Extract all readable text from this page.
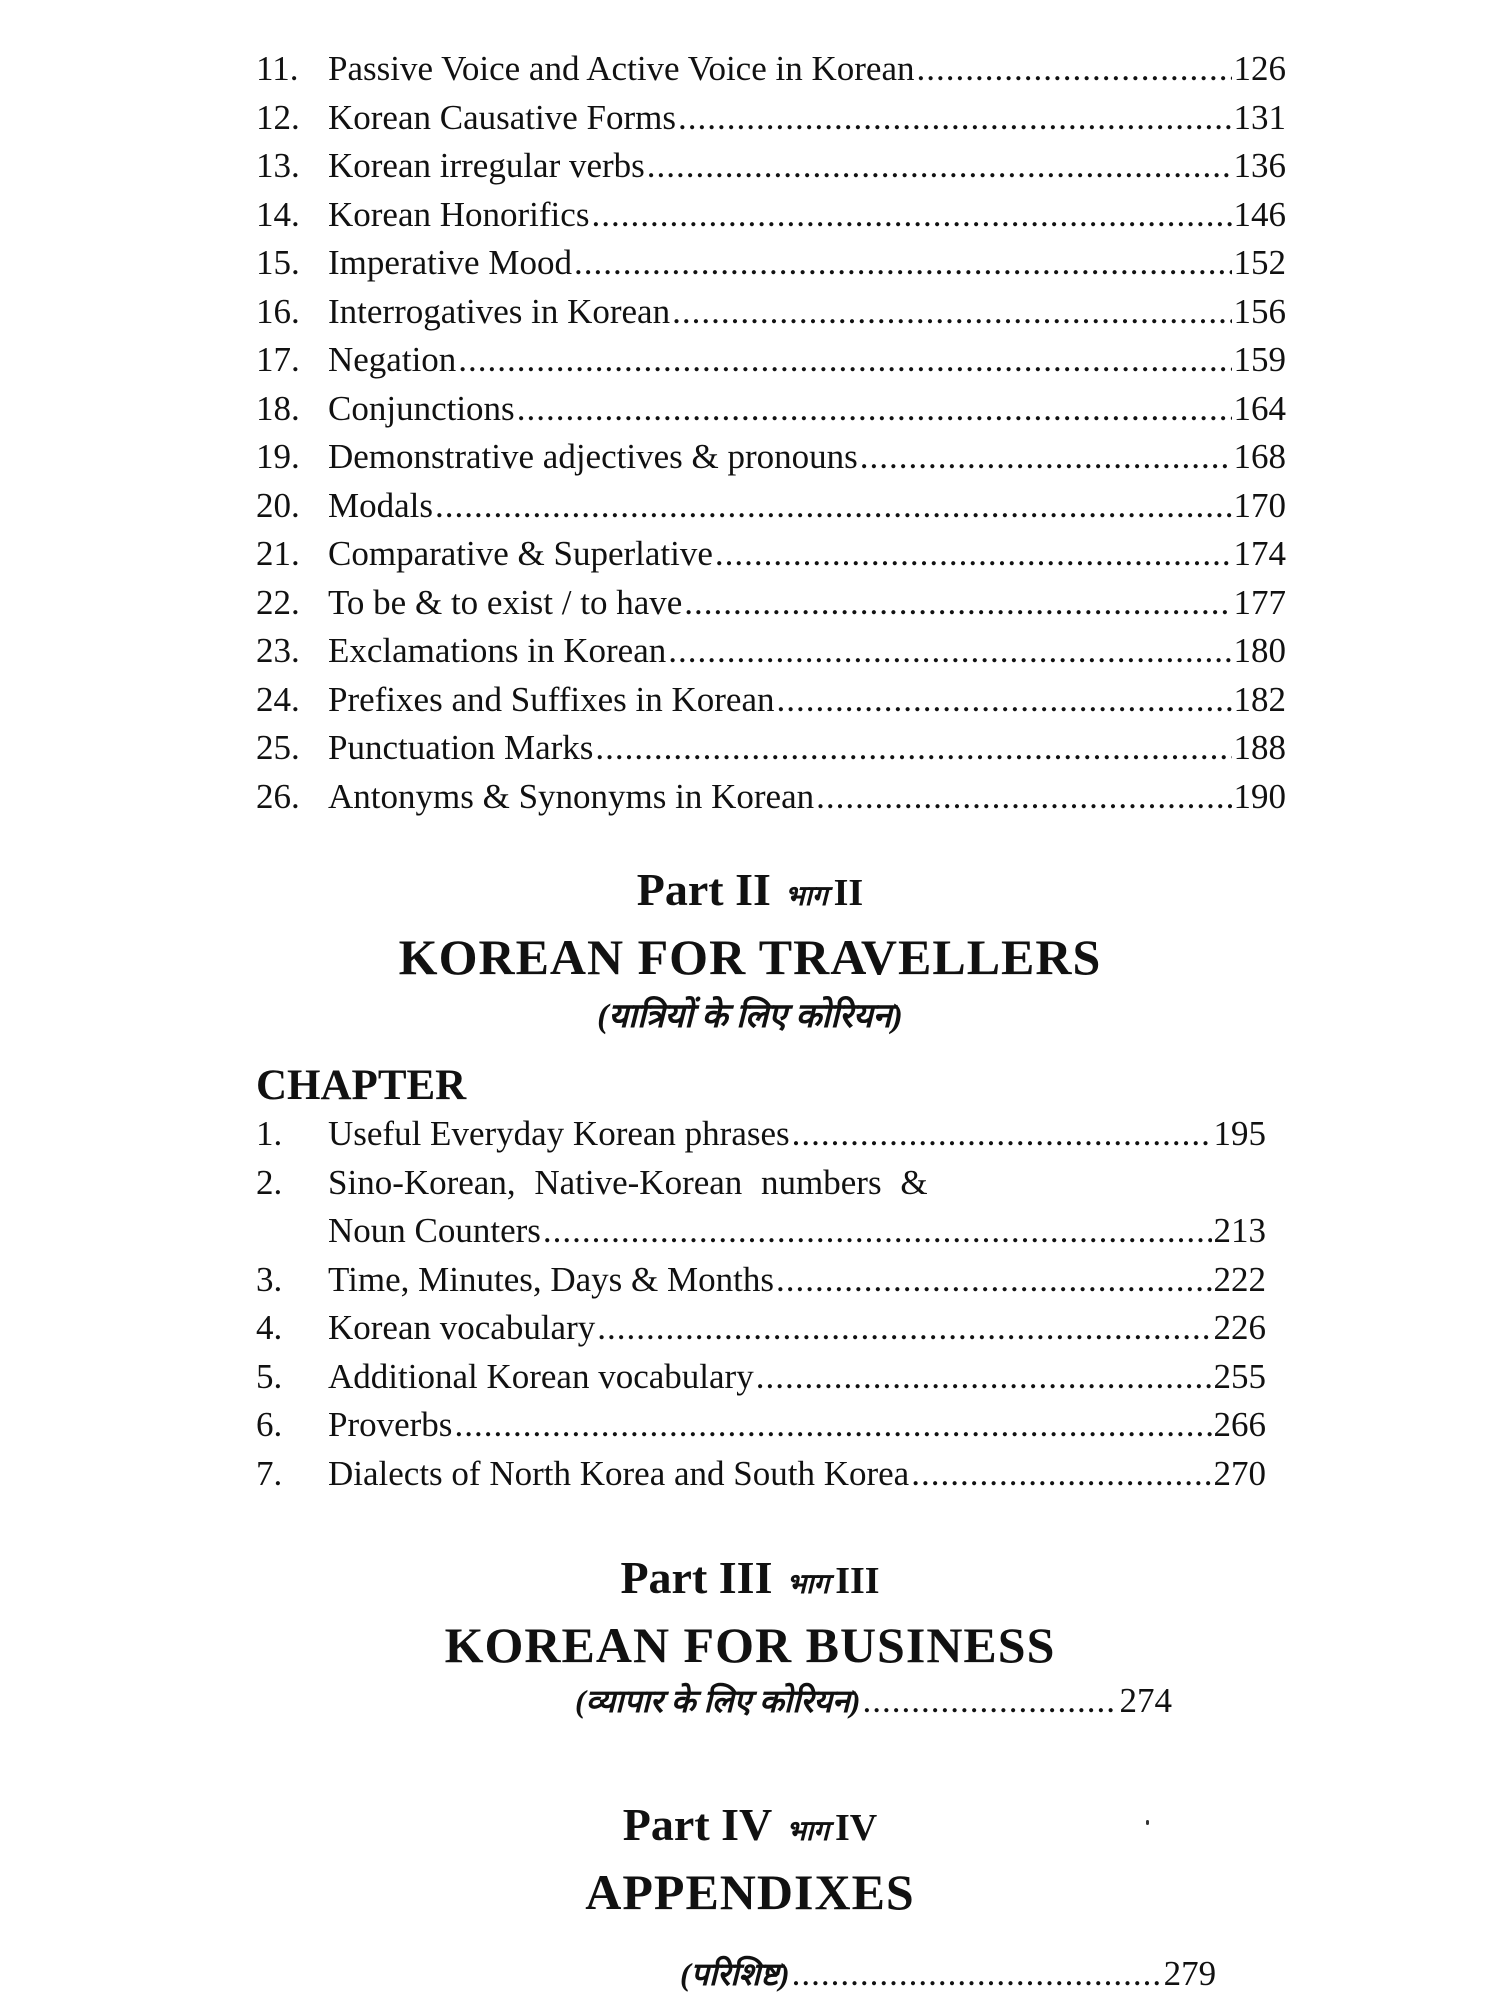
11. Passive Voice and Active Voice in Korean .....	126
12. Korean Causative Forms .....	131
13. Korean irregular verbs .....	136
14. Korean Honorifics .....	146
15. Imperative Mood .....	152
16. Interrogatives in Korean .....	156
17. Negation .....	159
18. Conjunctions .....	164
19. Demonstrative adjectives & pronouns .....	168
20. Modals .....	170
21. Comparative & Superlative .....	174
22. To be & to exist / to have .....	177
23. Exclamations in Korean .....	180
24. Prefixes and Suffixes in Korean .....	182
25. Punctuation Marks .....	188
26. Antonyms & Synonyms in Korean .....	190
Part II भाग II
KOREAN FOR TRAVELLERS
(यात्रियों के लिए कोरियन)
CHAPTER
1.	Useful Everyday Korean phrases .....	195
2.	Sino-Korean, Native-Korean numbers &
Noun Counters .....	213
3.	Time, Minutes, Days & Months .....	222
4.	Korean vocabulary .....	226
5.	Additional Korean vocabulary .....	255
6.	Proverbs .....	266
7.	Dialects of North Korea and South Korea .....	270
Part III भाग III
KOREAN FOR BUSINESS
(व्यापार के लिए कोरियन) .....	274
Part IV भाग IV
APPENDIXES
(परिशिष्ट) .....	279
